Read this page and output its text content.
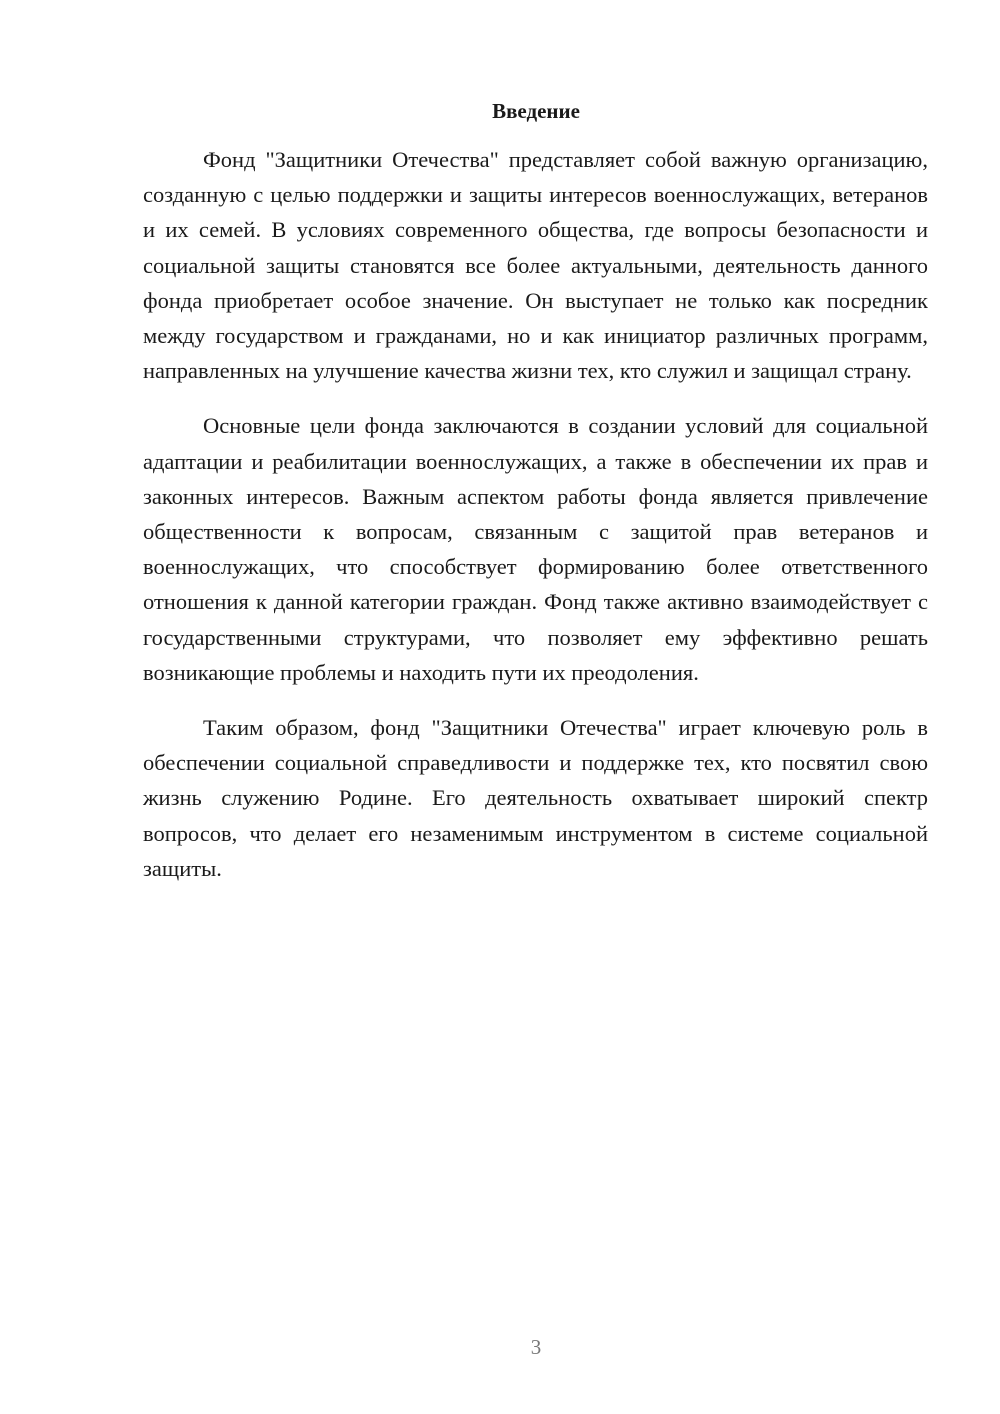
Введение

Фонд "Защитники Отечества" представляет собой важную организацию, созданную с целью поддержки и защиты интересов военнослужащих, ветеранов и их семей. В условиях современного общества, где вопросы безопасности и социальной защиты становятся все более актуальными, деятельность данного фонда приобретает особое значение. Он выступает не только как посредник между государством и гражданами, но и как инициатор различных программ, направленных на улучшение качества жизни тех, кто служил и защищал страну.

Основные цели фонда заключаются в создании условий для социальной адаптации и реабилитации военнослужащих, а также в обеспечении их прав и законных интересов. Важным аспектом работы фонда является привлечение общественности к вопросам, связанным с защитой прав ветеранов и военнослужащих, что способствует формированию более ответственного отношения к данной категории граждан. Фонд также активно взаимодействует с государственными структурами, что позволяет ему эффективно решать возникающие проблемы и находить пути их преодоления.

Таким образом, фонд "Защитники Отечества" играет ключевую роль в обеспечении социальной справедливости и поддержке тех, кто посвятил свою жизнь служению Родине. Его деятельность охватывает широкий спектр вопросов, что делает его незаменимым инструментом в системе социальной защиты.

3
